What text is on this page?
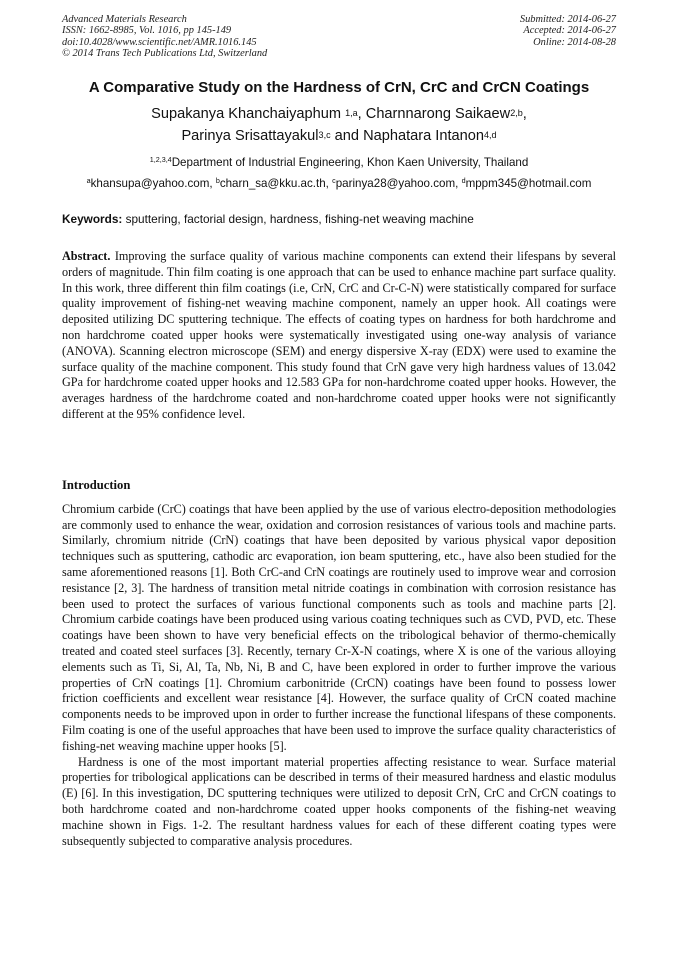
Advanced Materials Research
ISSN: 1662-8985, Vol. 1016, pp 145-149
doi:10.4028/www.scientific.net/AMR.1016.145
© 2014 Trans Tech Publications Ltd, Switzerland
Submitted: 2014-06-27
Accepted: 2014-06-27
Online: 2014-08-28
A Comparative Study on the Hardness of CrN, CrC and CrCN Coatings
Supakanya Khanchaiyaphum $^{1,a}$, Charnnarong Saikaew$^{2,b}$,
Parinya Srisattayakul$^{3,c}$ and Naphatara Intanon$^{4,d}$
$^{1,2,3,4}$Department of Industrial Engineering, Khon Kaen University, Thailand
$^a$khansupa@yahoo.com, $^b$charn_sa@kku.ac.th, $^c$parinya28@yahoo.com, $^d$mppm345@hotmail.com
Keywords: sputtering, factorial design, hardness, fishing-net weaving machine

Abstract. Improving the surface quality of various machine components can extend their lifespans by several orders of magnitude. Thin film coating is one approach that can be used to enhance machine part surface quality. In this work, three different thin film coatings (i.e, CrN, CrC and Cr-C-N) were statistically compared for surface quality improvement of fishing-net weaving machine component, namely an upper hook. All coatings were deposited utilizing DC sputtering technique. The effects of coating types on hardness for both hardchrome and non hardchrome coated upper hooks were systematically investigated using one-way analysis of variance (ANOVA). Scanning electron microscope (SEM) and energy dispersive X-ray (EDX) were used to examine the surface quality of the machine component. This study found that CrN gave very high hardness values of 13.042 GPa for hardchrome coated upper hooks and 12.583 GPa for non-hardchrome coated upper hooks. However, the averages hardness of the hardchrome coated and non-hardchrome coated upper hooks were not significantly different at the 95% confidence level.

Introduction

Chromium carbide (CrC) coatings that have been applied by the use of various electro-deposition methodologies are commonly used to enhance the wear, oxidation and corrosion resistances of various tools and machine parts. Similarly, chromium nitride (CrN) coatings that have been deposited by various physical vapor deposition techniques such as sputtering, cathodic arc evaporation, ion beam sputtering, etc., have also been studied for the same aforementioned reasons [1]. Both CrC-and CrN coatings are routinely used to improve wear and corrosion resistance [2, 3]. The hardness of transition metal nitride coatings in combination with corrosion resistance has been used to protect the surfaces of various functional components such as tools and machine parts [2]. Chromium carbide coatings have been produced using various coating techniques such as CVD, PVD, etc. These coatings have been shown to have very beneficial effects on the tribological behavior of thermo-chemically treated and coated steel surfaces [3]. Recently, ternary Cr-X-N coatings, where X is one of the various alloying elements such as Ti, Si, Al, Ta, Nb, Ni, B and C, have been explored in order to further improve the various properties of CrN coatings [1]. Chromium carbonitride (CrCN) coatings have been found to possess lower friction coefficients and excellent wear resistance [4]. However, the surface quality of CrCN coated machine components needs to be improved upon in order to further increase the functional lifespans of these components. Film coating is one of the useful approaches that have been used to improve the surface quality characteristics of fishing-net weaving machine upper hooks [5].

Hardness is one of the most important material properties affecting resistance to wear. Surface material properties for tribological applications can be described in terms of their measured hardness and elastic modulus (E) [6]. In this investigation, DC sputtering techniques were utilized to deposit CrN, CrC and CrCN coatings to both hardchrome coated and non-hardchrome coated upper hooks components of the fishing-net weaving machine shown in Figs. 1-2. The resultant hardness values for each of these different coating types were subsequently subjected to comparative analysis procedures.
